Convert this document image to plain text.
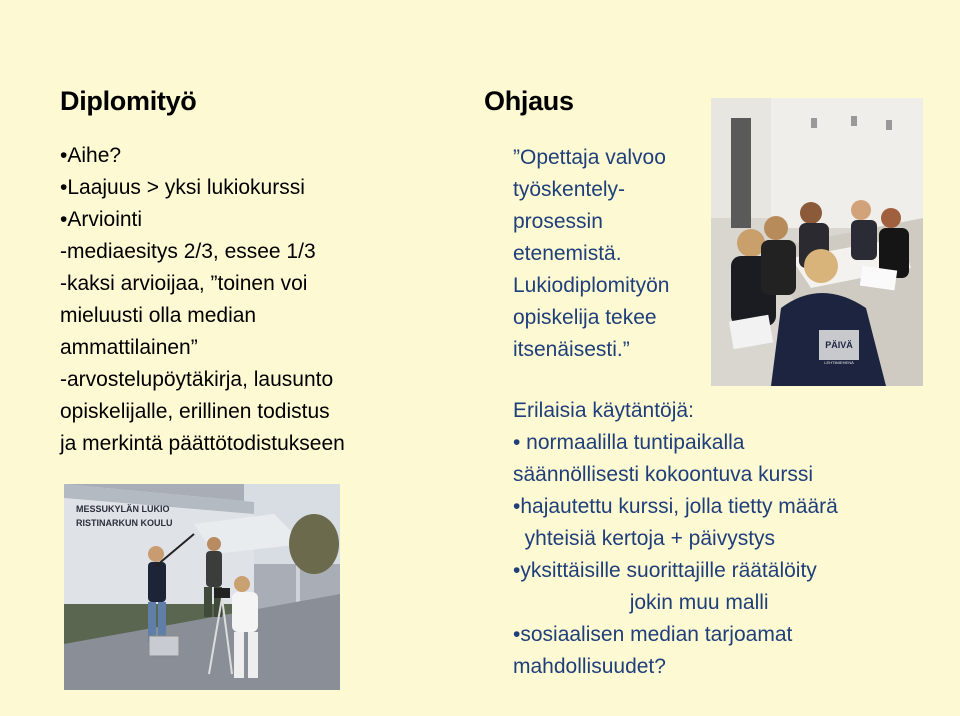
Diplomityö	Ohjaus
•Aihe?
•Laajuus > yksi lukiokurssi
•Arviointi
-mediaesitys 2/3, essee 1/3
-kaksi arvioijaa, ”toinen voi
mieluusti olla median
ammattilainen”
-arvostelupöytäkirja, lausunto
opiskelijalle, erillinen todistus
ja merkintä päättötodistukseen
”Opettaja valvoo
työskentely-
prosessin
etenemistä.
Lukiodiplomityön
opiskelija tekee
itsenäisesti.”
Erilaisia käytäntöjä:
• normaalilla tuntipaikalla
säännöllisesti kokoontuva kurssi
•hajautettu kurssi, jolla tietty määrä
yhteisiä kertoja + päivystys
•yksittäisille suorittajille räätälöity
jokin muu malli
•sosiaalisen median tarjoamat
mahdollisuudet?
PÄIVÄ
LEHTIMIEHENÄ
MESSUKYLÄN LUKIO
RISTINARKUN KOULU
